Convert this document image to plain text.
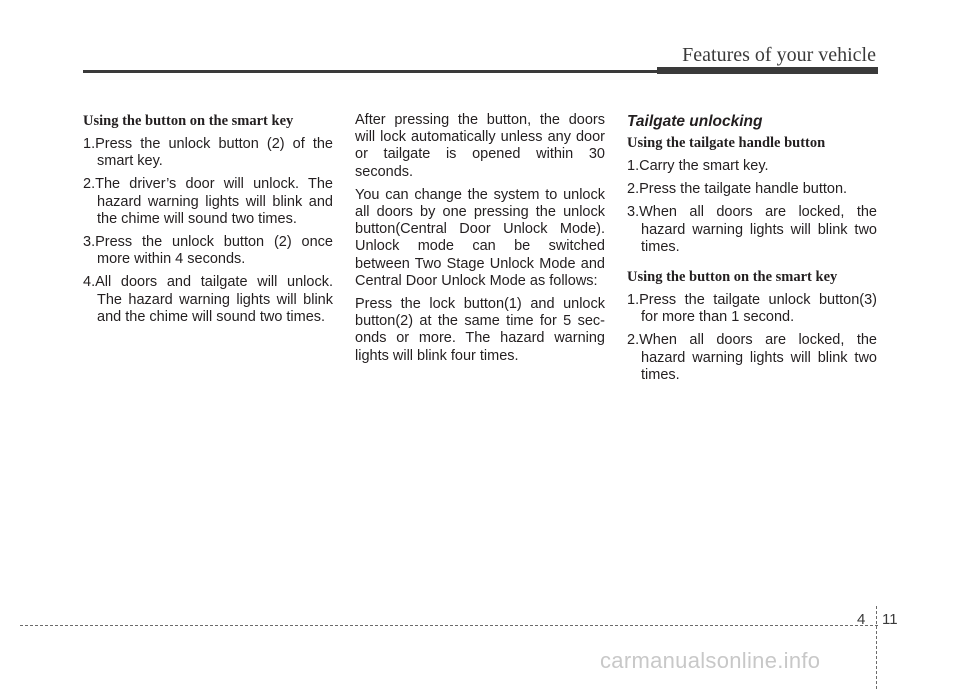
Features of your vehicle
Using the button on the smart key
1.Press the unlock button (2) of the smart key.
2.The driver’s door will unlock. The hazard warning lights will blink and the chime will sound two times.
3.Press the unlock button (2) once more within 4 seconds.
4.All doors and tailgate will unlock. The hazard warning lights will blink and the chime will sound two times.
After pressing the button, the doors will lock automatically unless any door or tailgate is opened within 30 seconds.
You can change the system to unlock all doors by one pressing the unlock button(Central Door Unlock Mode). Unlock mode can be switched between Two Stage Unlock Mode and Central Door Unlock Mode as follows:
Press the lock button(1) and unlock button(2) at the same time for 5 sec- onds or more. The hazard warning lights will blink four times.
Tailgate unlocking
Using the tailgate handle button
1.Carry the smart key.
2.Press the tailgate handle button.
3.When all doors are locked, the hazard warning lights will blink two times.
Using the button on the smart key
1.Press the tailgate unlock button(3) for more than 1 second.
2.When all doors are locked, the hazard warning lights will blink two times.
4 11
carmanualsonline.info
